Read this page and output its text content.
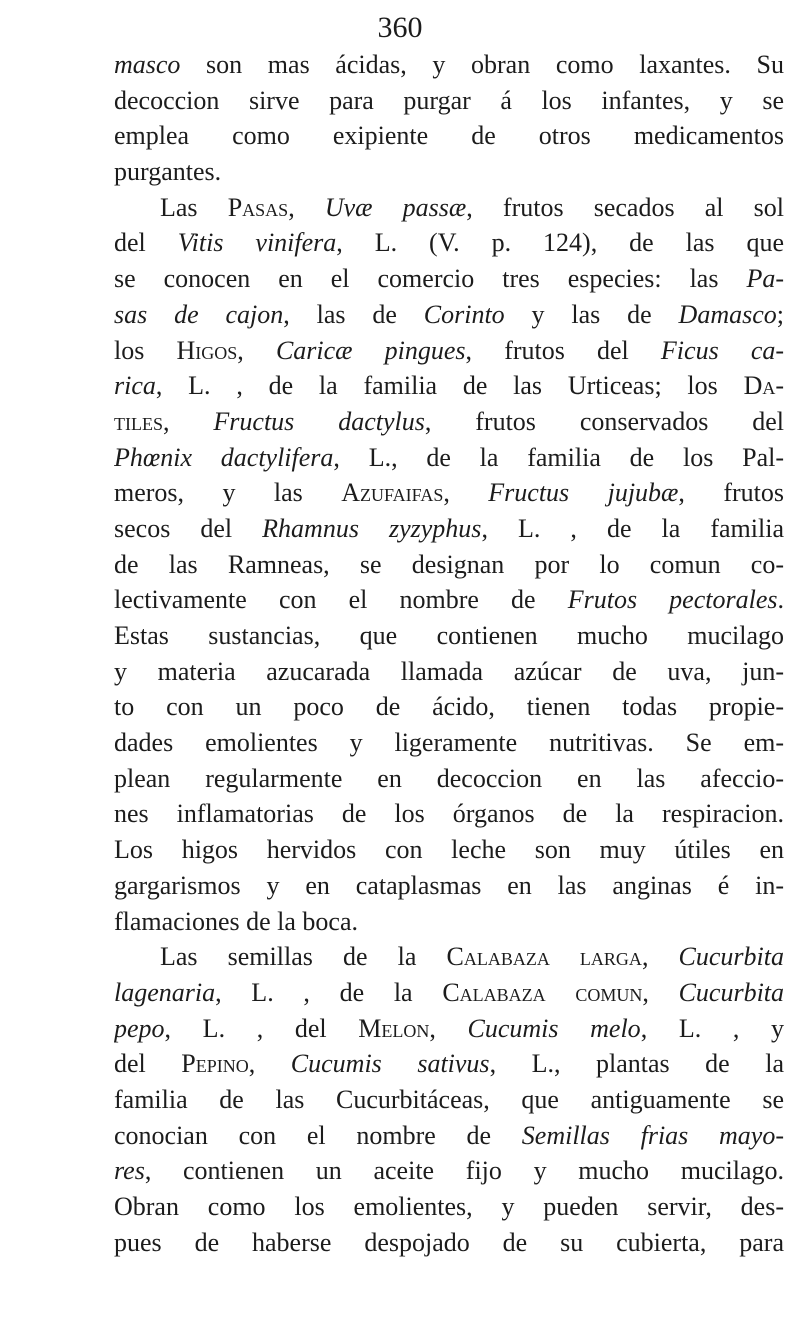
360
masco son mas ácidas, y obran como laxantes. Su
decoccion sirve para purgar á los infantes, y se
emplea como exipiente de otros medicamentos
purgantes.
Las Pasas, Uvæ passæ, frutos secados al sol
del Vitis vinifera, L. (V. p. 124), de las que
se conocen en el comercio tres especies: las Pa-
sas de cajon, las de Corinto y las de Damasco;
los Higos, Caricæ pingues, frutos del Ficus ca-
rica, L. , de la familia de las Urticeas; los Da-
tiles, Fructus dactylus, frutos conservados del
Phœnix dactylifera, L., de la familia de los Pal-
meros, y las Azufaifas, Fructus jujubæ, frutos
secos del Rhamnus zyzyphus, L. , de la familia
de las Ramneas, se designan por lo comun co-
lectivamente con el nombre de Frutos pectorales.
Estas sustancias, que contienen mucho mucilago
y materia azucarada llamada azúcar de uva, jun-
to con un poco de ácido, tienen todas propie-
dades emolientes y ligeramente nutritivas. Se em-
plean regularmente en decoccion en las afeccio-
nes inflamatorias de los órganos de la respiracion.
Los higos hervidos con leche son muy útiles en
gargarismos y en cataplasmas en las anginas é in-
flamaciones de la boca.
Las semillas de la Calabaza larga, Cucurbita
lagenaria, L. , de la Calabaza comun, Cucurbita
pepo, L. , del Melon, Cucumis melo, L. , y
del Pepino, Cucumis sativus, L., plantas de la
familia de las Cucurbitáceas, que antiguamente se
conocian con el nombre de Semillas frias mayo-
res, contienen un aceite fijo y mucho mucilago.
Obran como los emolientes, y pueden servir, des-
pues de haberse despojado de su cubierta, para
